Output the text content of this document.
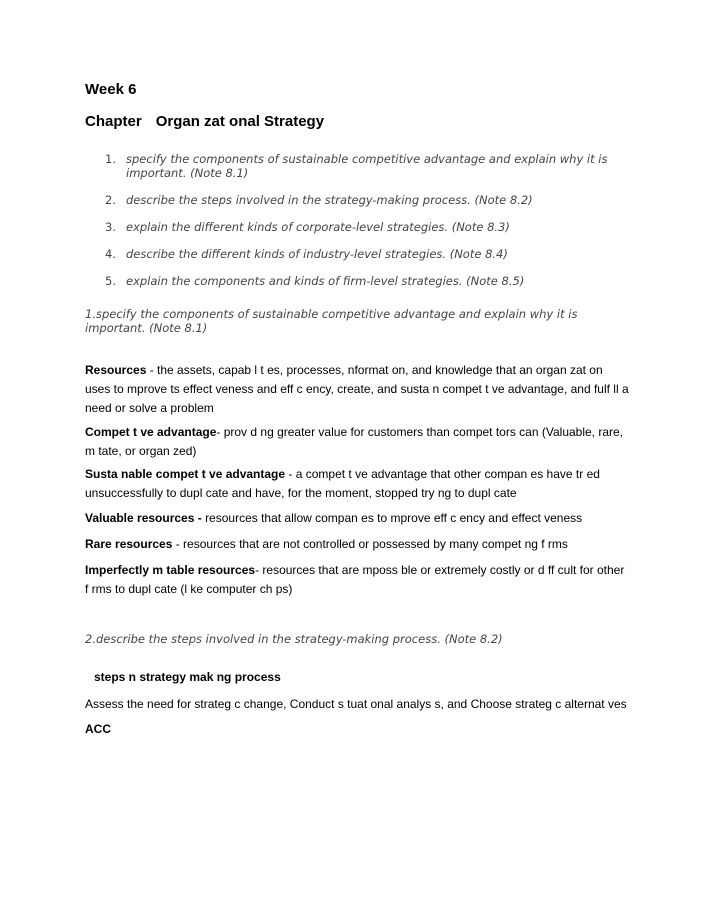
Week 6
Chapter Organ zat onal Strategy
1. specify the components of sustainable competitive advantage and explain why it is important. (Note 8.1)
2. describe the steps involved in the strategy-making process. (Note 8.2)
3. explain the different kinds of corporate-level strategies. (Note 8.3)
4. describe the different kinds of industry-level strategies. (Note 8.4)
5. explain the components and kinds of firm-level strategies. (Note 8.5)
1.specify the components of sustainable competitive advantage and explain why it is important. (Note 8.1)
Resources - the assets, capab l t es, processes, nformat on, and knowledge that an organ zat on uses to mprove ts effect veness and eff c ency, create, and susta n compet t ve advantage, and fulf ll a need or solve a problem
Compet t ve advantage- prov d ng greater value for customers than compet tors can (Valuable, rare, m tate, or organ zed)
Susta nable compet t ve advantage - a compet t ve advantage that other compan es have tr ed unsuccessfully to dupl cate and have, for the moment, stopped try ng to dupl cate
Valuable resources - resources that allow compan es to mprove eff c ency and effect veness
Rare resources - resources that are not controlled or possessed by many compet ng f rms
Imperfectly m table resources- resources that are mposs ble or extremely costly or d ff cult for other f rms to dupl cate (l ke computer ch ps)
2.describe the steps involved in the strategy-making process. (Note 8.2)
steps n strategy mak ng process
Assess the need for strateg c change, Conduct s tuat onal analys s, and Choose strateg c alternat ves
ACC
